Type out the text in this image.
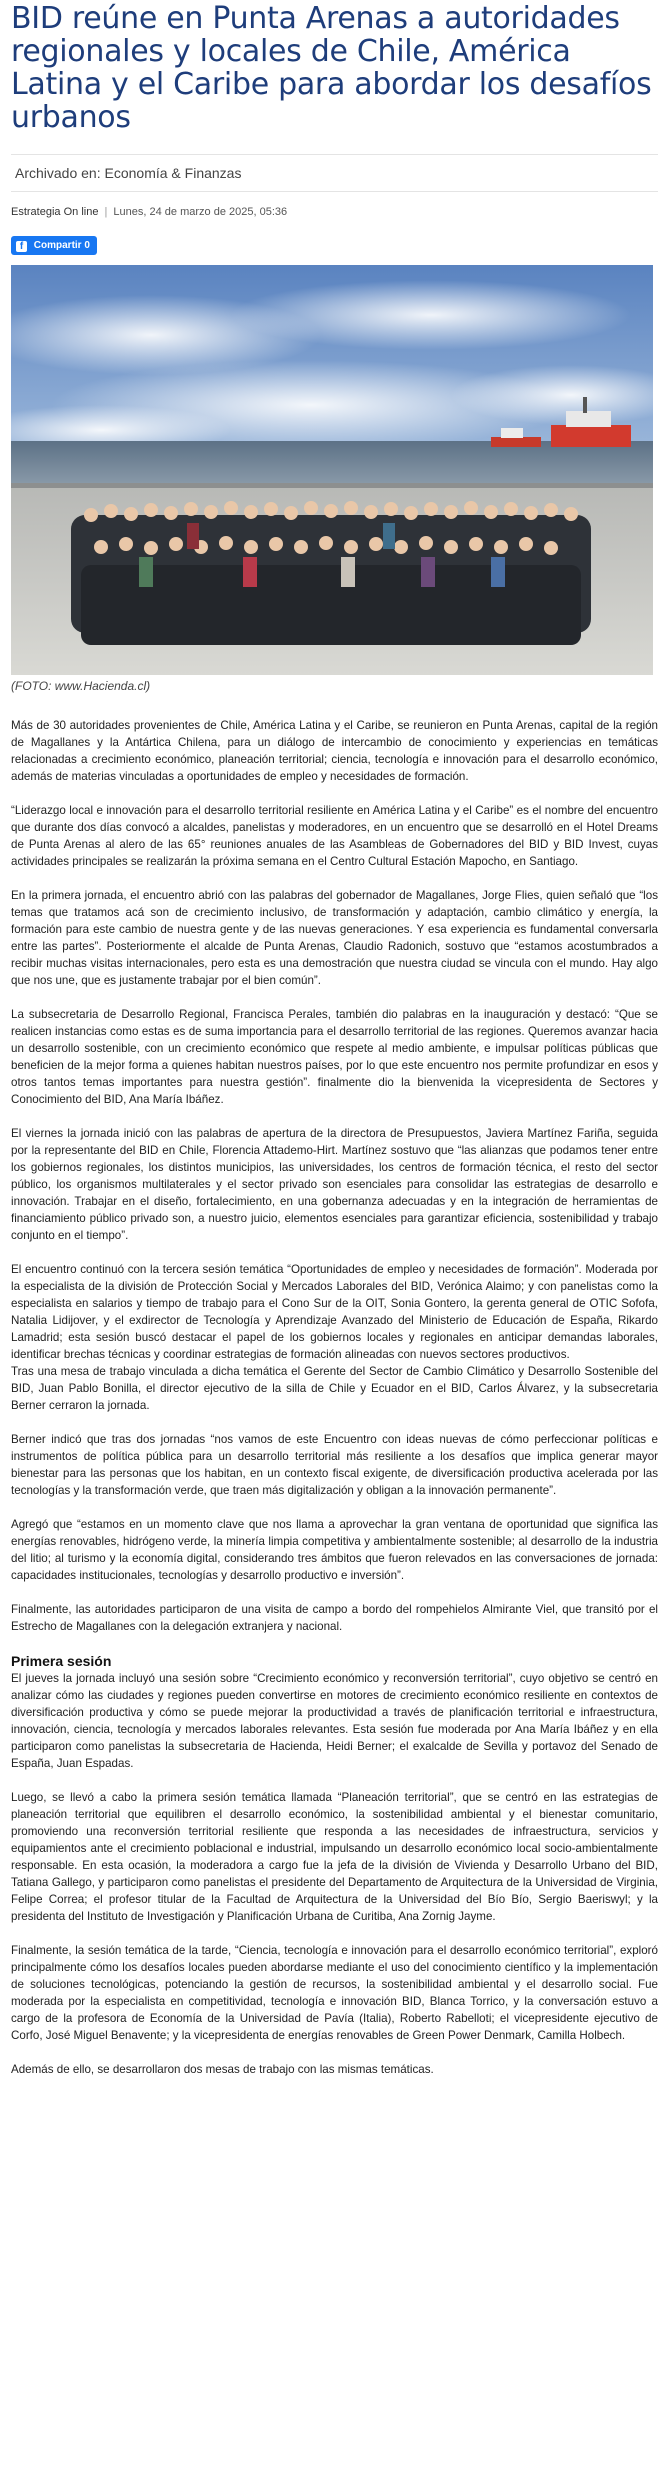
BID reúne en Punta Arenas a autoridades regionales y locales de Chile, América Latina y el Caribe para abordar los desafíos urbanos
Archivado en: Economía & Finanzas
Estrategia On line | Lunes, 24 de marzo de 2025, 05:36
f Compartir 0
(FOTO: www.Hacienda.cl)

Más de 30 autoridades provenientes de Chile, América Latina y el Caribe, se reunieron en Punta Arenas, capital de la región de Magallanes y la Antártica Chilena, para un diálogo de intercambio de conocimiento y experiencias en temáticas relacionadas a crecimiento económico, planeación territorial; ciencia, tecnología e innovación para el desarrollo económico, además de materias vinculadas a oportunidades de empleo y necesidades de formación.

“Liderazgo local e innovación para el desarrollo territorial resiliente en América Latina y el Caribe” es el nombre del encuentro que durante dos días convocó a alcaldes, panelistas y moderadores, en un encuentro que se desarrolló en el Hotel Dreams de Punta Arenas al alero de las 65° reuniones anuales de las Asambleas de Gobernadores del BID y BID Invest, cuyas actividades principales se realizarán la próxima semana en el Centro Cultural Estación Mapocho, en Santiago.

En la primera jornada, el encuentro abrió con las palabras del gobernador de Magallanes, Jorge Flies, quien señaló que “los temas que tratamos acá son de crecimiento inclusivo, de transformación y adaptación, cambio climático y energía, la formación para este cambio de nuestra gente y de las nuevas generaciones. Y esa experiencia es fundamental conversarla entre las partes”. Posteriormente el alcalde de Punta Arenas, Claudio Radonich, sostuvo que “estamos acostumbrados a recibir muchas visitas internacionales, pero esta es una demostración que nuestra ciudad se vincula con el mundo. Hay algo que nos une, que es justamente trabajar por el bien común”.

La subsecretaria de Desarrollo Regional, Francisca Perales, también dio palabras en la inauguración y destacó: “Que se realicen instancias como estas es de suma importancia para el desarrollo territorial de las regiones. Queremos avanzar hacia un desarrollo sostenible, con un crecimiento económico que respete al medio ambiente, e impulsar políticas públicas que beneficien de la mejor forma a quienes habitan nuestros países, por lo que este encuentro nos permite profundizar en esos y otros tantos temas importantes para nuestra gestión”. finalmente dio la bienvenida la vicepresidenta de Sectores y Conocimiento del BID, Ana María Ibáñez.

El viernes la jornada inició con las palabras de apertura de la directora de Presupuestos, Javiera Martínez Fariña, seguida por la representante del BID en Chile, Florencia Attademo-Hirt. Martínez sostuvo que “las alianzas que podamos tener entre los gobiernos regionales, los distintos municipios, las universidades, los centros de formación técnica, el resto del sector público, los organismos multilaterales y el sector privado son esenciales para consolidar las estrategias de desarrollo e innovación. Trabajar en el diseño, fortalecimiento, en una gobernanza adecuadas y en la integración de herramientas de financiamiento público privado son, a nuestro juicio, elementos esenciales para garantizar eficiencia, sostenibilidad y trabajo conjunto en el tiempo”.

El encuentro continuó con la tercera sesión temática “Oportunidades de empleo y necesidades de formación”. Moderada por la especialista de la división de Protección Social y Mercados Laborales del BID, Verónica Alaimo; y con panelistas como la especialista en salarios y tiempo de trabajo para el Cono Sur de la OIT, Sonia Gontero, la gerenta general de OTIC Sofofa, Natalia Lidijover, y el exdirector de Tecnología y Aprendizaje Avanzado del Ministerio de Educación de España, Rikardo Lamadrid; esta sesión buscó destacar el papel de los gobiernos locales y regionales en anticipar demandas laborales, identificar brechas técnicas y coordinar estrategias de formación alineadas con nuevos sectores productivos.

Tras una mesa de trabajo vinculada a dicha temática el Gerente del Sector de Cambio Climático y Desarrollo Sostenible del BID, Juan Pablo Bonilla, el director ejecutivo de la silla de Chile y Ecuador en el BID, Carlos Álvarez, y la subsecretaria Berner cerraron la jornada.

Berner indicó que tras dos jornadas “nos vamos de este Encuentro con ideas nuevas de cómo perfeccionar políticas e instrumentos de política pública para un desarrollo territorial más resiliente a los desafíos que implica generar mayor bienestar para las personas que los habitan, en un contexto fiscal exigente, de diversificación productiva acelerada por las tecnologías y la transformación verde, que traen más digitalización y obligan a la innovación permanente”.

Agregó que “estamos en un momento clave que nos llama a aprovechar la gran ventana de oportunidad que significa las energías renovables, hidrógeno verde, la minería limpia competitiva y ambientalmente sostenible; al desarrollo de la industria del litio; al turismo y la economía digital, considerando tres ámbitos que fueron relevados en las conversaciones de jornada: capacidades institucionales, tecnologías y desarrollo productivo e inversión”.

Finalmente, las autoridades participaron de una visita de campo a bordo del rompehielos Almirante Viel, que transitó por el Estrecho de Magallanes con la delegación extranjera y nacional.

Primera sesión

El jueves la jornada incluyó una sesión sobre “Crecimiento económico y reconversión territorial”, cuyo objetivo se centró en analizar cómo las ciudades y regiones pueden convertirse en motores de crecimiento económico resiliente en contextos de diversificación productiva y cómo se puede mejorar la productividad a través de planificación territorial e infraestructura, innovación, ciencia, tecnología y mercados laborales relevantes. Esta sesión fue moderada por Ana María Ibáñez y en ella participaron como panelistas la subsecretaria de Hacienda, Heidi Berner; el exalcalde de Sevilla y portavoz del Senado de España, Juan Espadas.

Luego, se llevó a cabo la primera sesión temática llamada “Planeación territorial”, que se centró en las estrategias de planeación territorial que equilibren el desarrollo económico, la sostenibilidad ambiental y el bienestar comunitario, promoviendo una reconversión territorial resiliente que responda a las necesidades de infraestructura, servicios y equipamientos ante el crecimiento poblacional e industrial, impulsando un desarrollo económico local socio-ambientalmente responsable. En esta ocasión, la moderadora a cargo fue la jefa de la división de Vivienda y Desarrollo Urbano del BID, Tatiana Gallego, y participaron como panelistas el presidente del Departamento de Arquitectura de la Universidad de Virginia, Felipe Correa; el profesor titular de la Facultad de Arquitectura de la Universidad del Bío Bío, Sergio Baeriswyl; y la presidenta del Instituto de Investigación y Planificación Urbana de Curitiba, Ana Zornig Jayme.

Finalmente, la sesión temática de la tarde, “Ciencia, tecnología e innovación para el desarrollo económico territorial”, exploró principalmente cómo los desafíos locales pueden abordarse mediante el uso del conocimiento científico y la implementación de soluciones tecnológicas, potenciando la gestión de recursos, la sostenibilidad ambiental y el desarrollo social. Fue moderada por la especialista en competitividad, tecnología e innovación BID, Blanca Torrico, y la conversación estuvo a cargo de la profesora de Economía de la Universidad de Pavía (Italia), Roberto Rabelloti; el vicepresidente ejecutivo de Corfo, José Miguel Benavente; y la vicepresidenta de energías renovables de Green Power Denmark, Camilla Holbech.

Además de ello, se desarrollaron dos mesas de trabajo con las mismas temáticas.
